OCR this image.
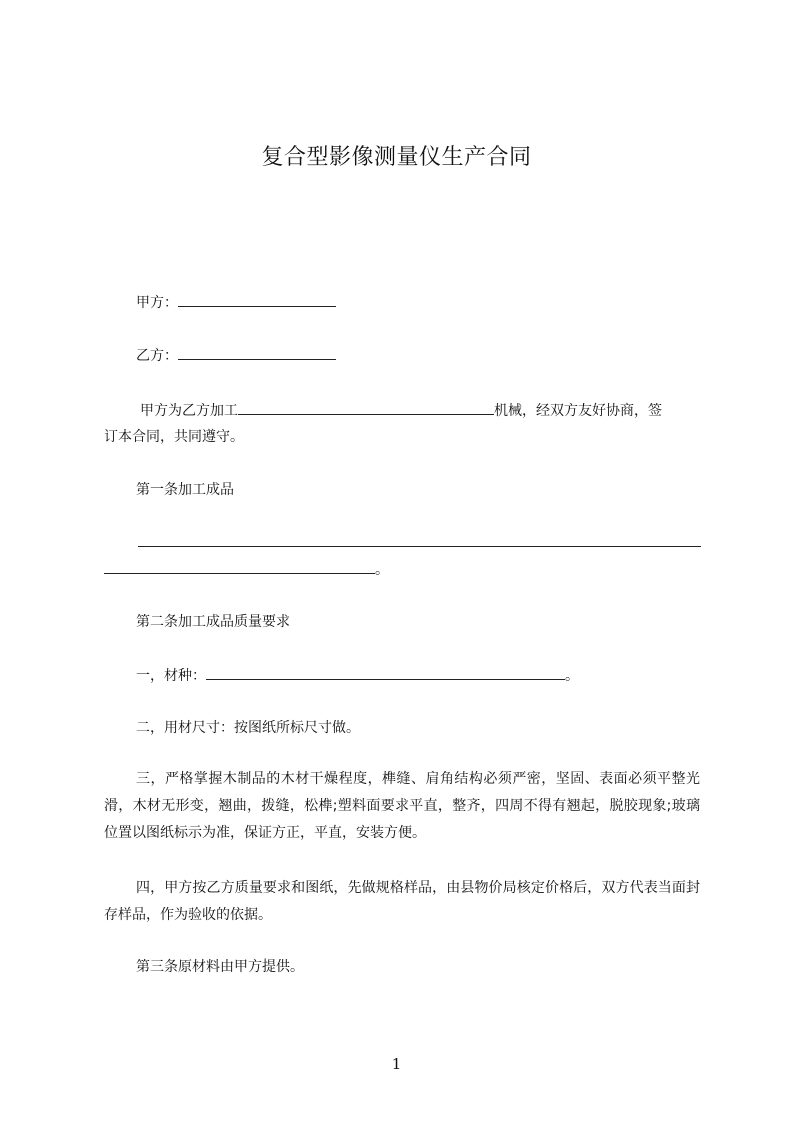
复合型影像测量仪生产合同
甲方：
乙方：
甲方为乙方加工	机械，经双方友好协商，签
订本合同，共同遵守。
第一条加工成品
。
第二条加工成品质量要求
一，材种：	。
二，用材尺寸：按图纸所标尺寸做。
三，严格掌握木制品的木材干燥程度，榫缝、肩角结构必须严密，坚固、表面必须平整光滑，木材无形变，翘曲，拨缝，松榫;塑料面要求平直，整齐，四周不得有翘起，脱胶现象;玻璃位置以图纸标示为准，保证方正，平直，安装方便。
四，甲方按乙方质量要求和图纸，先做规格样品，由县物价局核定价格后，双方代表当面封存样品，作为验收的依据。
第三条原材料由甲方提供。
1
